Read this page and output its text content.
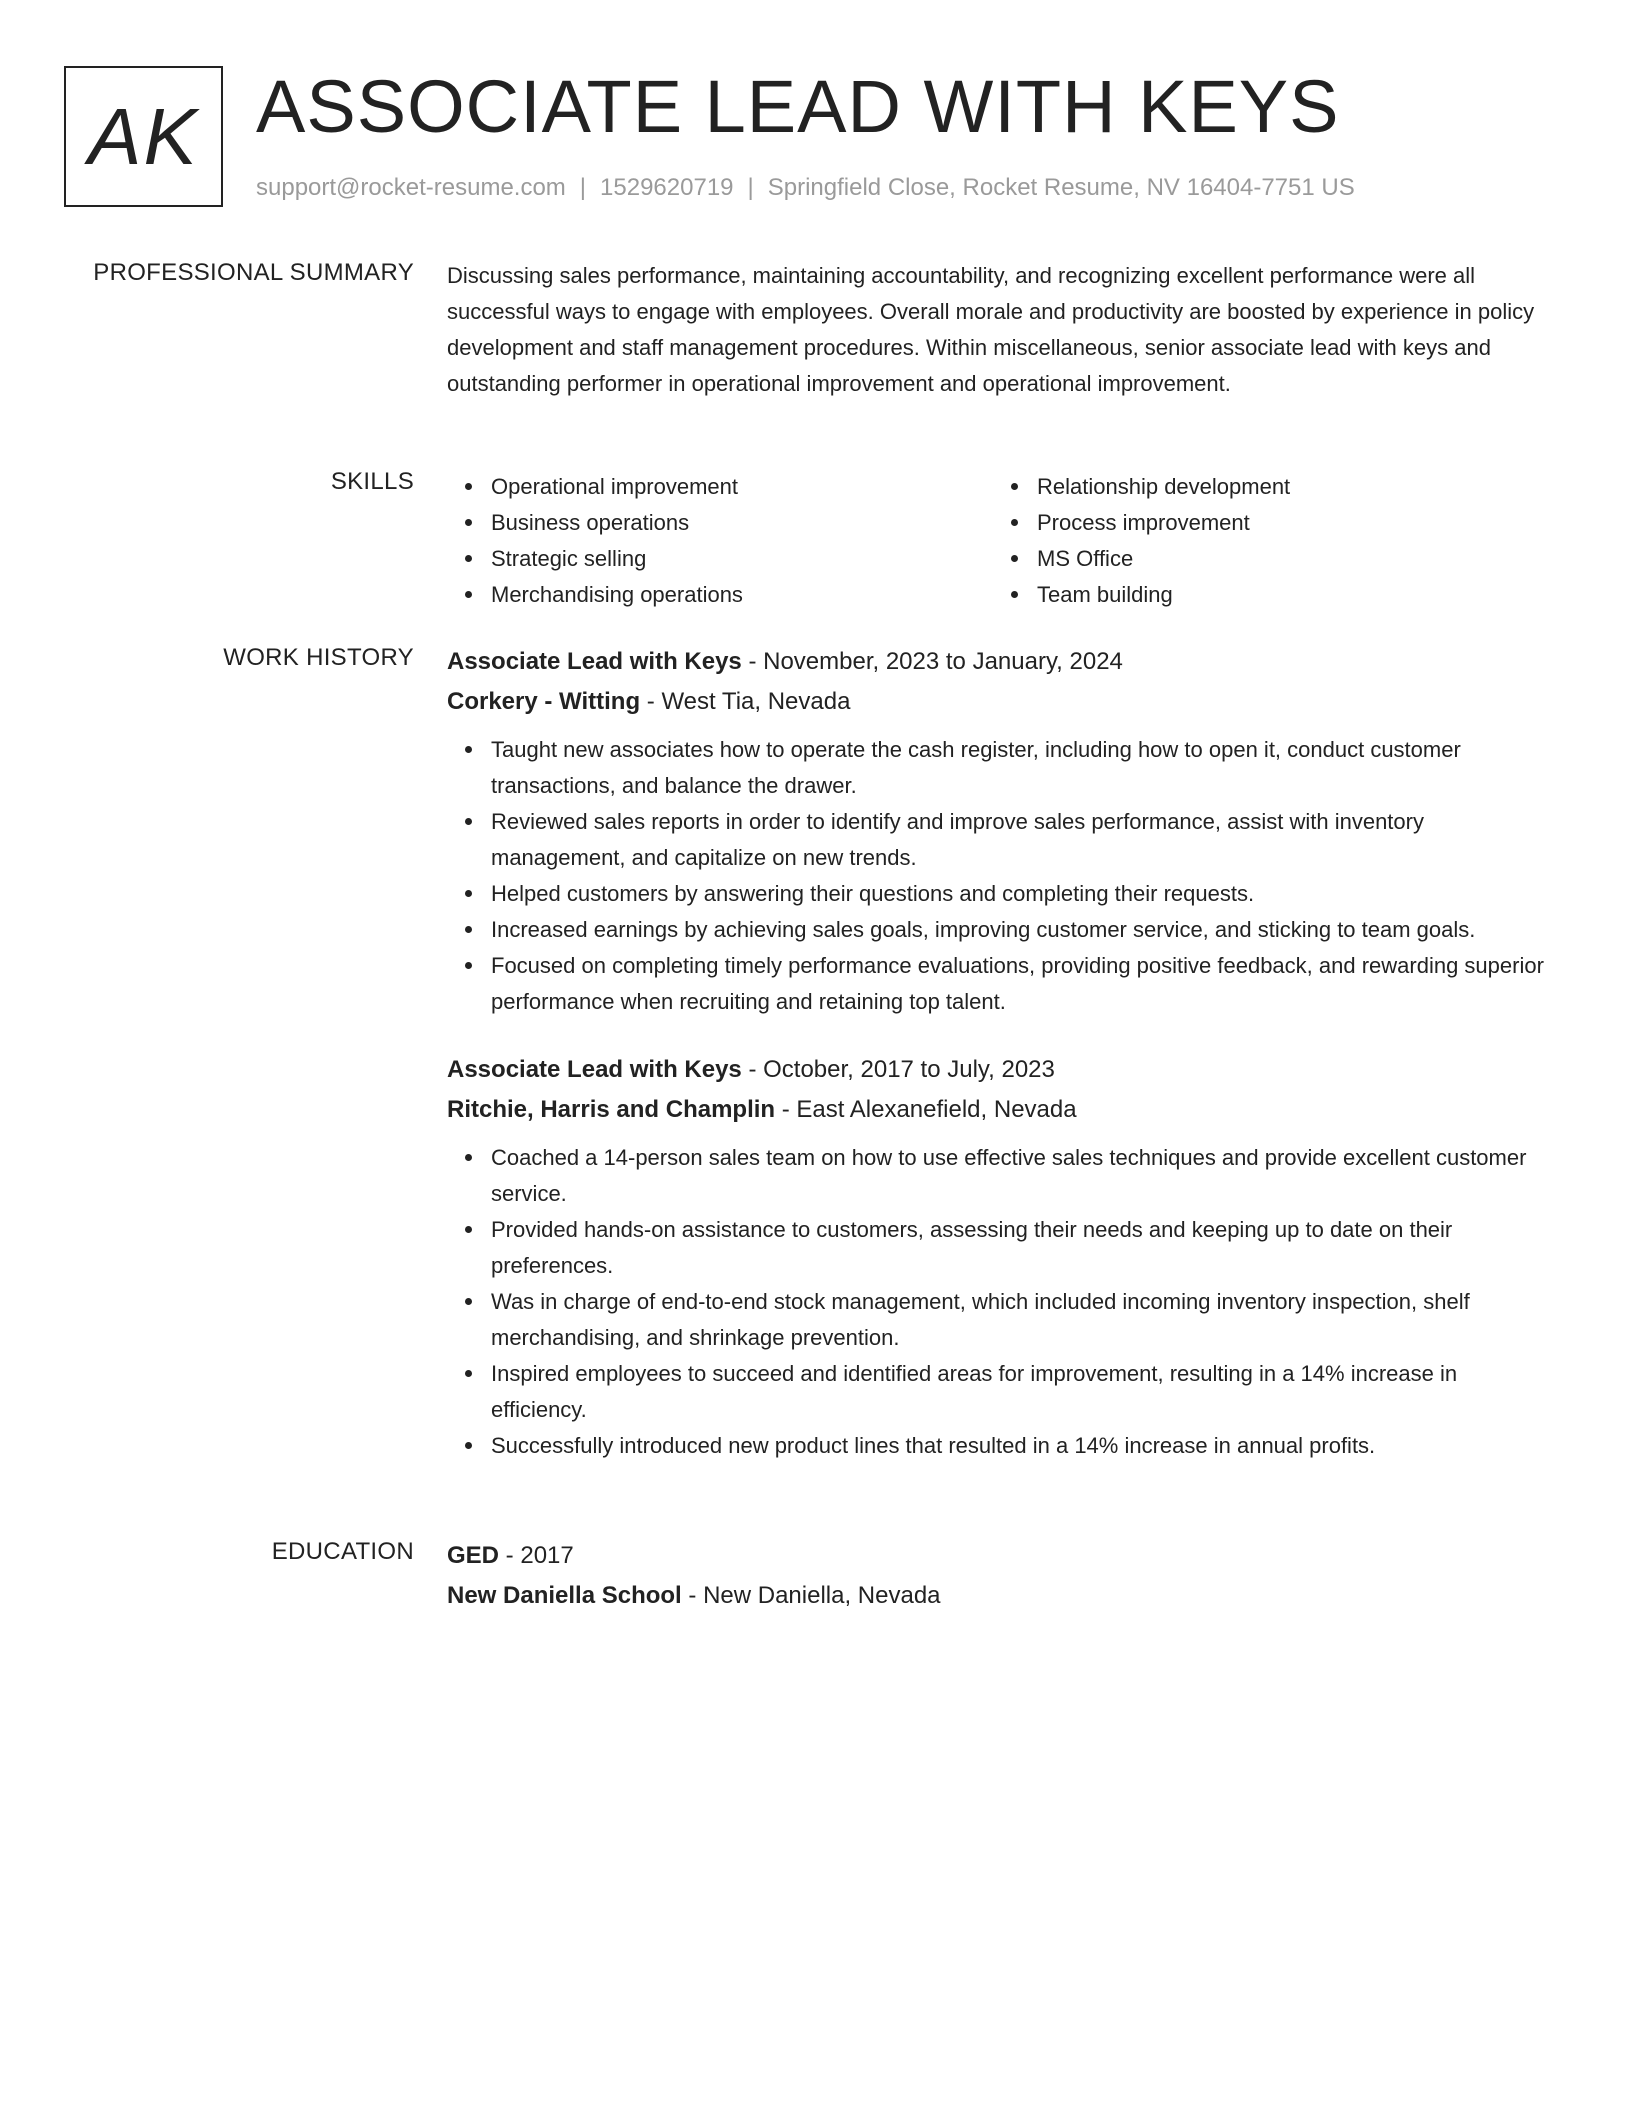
AK ASSOCIATE LEAD WITH KEYS
support@rocket-resume.com | 1529620719 | Springfield Close, Rocket Resume, NV 16404-7751 US
PROFESSIONAL SUMMARY Discussing sales performance, maintaining accountability, and recognizing excellent performance were all successful ways to engage with employees. Overall morale and productivity are boosted by experience in policy development and staff management procedures. Within miscellaneous, senior associate lead with keys and outstanding performer in operational improvement and operational improvement.

SKILLS	Operational improvement
Business operations
Strategic selling
Merchandising operations
Relationship development
Process improvement
MS Office
Team building
WORK HISTORY Associate Lead with Keys - November, 2023 to January, 2024

Corkery - Witting - West Tia, Nevada

Taught new associates how to operate the cash register, including how to open it, conduct customer transactions, and balance the drawer.
Reviewed sales reports in order to identify and improve sales performance, assist with inventory management, and capitalize on new trends.
Helped customers by answering their questions and completing their requests.
Increased earnings by achieving sales goals, improving customer service, and sticking to team goals.
Focused on completing timely performance evaluations, providing positive feedback, and rewarding superior performance when recruiting and retaining top talent.

Associate Lead with Keys - October, 2017 to July, 2023

Ritchie, Harris and Champlin - East Alexanefield, Nevada

Coached a 14-person sales team on how to use effective sales techniques and provide excellent customer service.
Provided hands-on assistance to customers, assessing their needs and keeping up to date on their preferences.
Was in charge of end-to-end stock management, which included incoming inventory inspection, shelf merchandising, and shrinkage prevention.
Inspired employees to succeed and identified areas for improvement, resulting in a 14% increase in efficiency.
Successfully introduced new product lines that resulted in a 14% increase in annual profits.
EDUCATION GED - 2017

New Daniella School - New Daniella, Nevada
